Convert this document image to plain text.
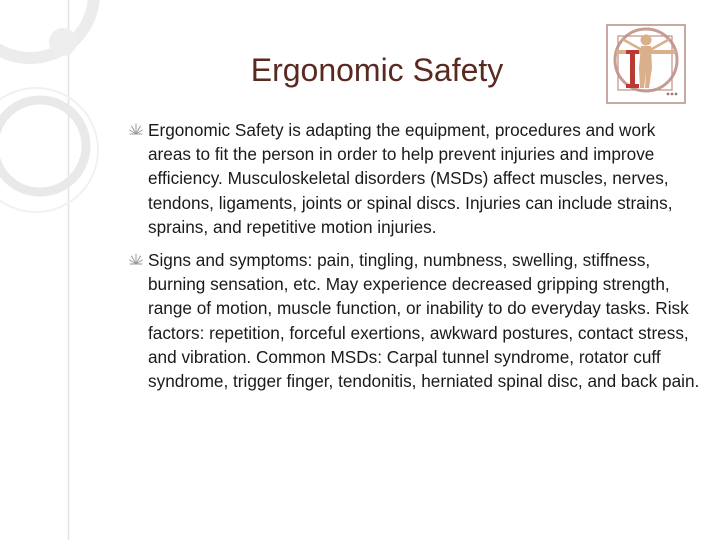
Ergonomic Safety
Ergonomic Safety is adapting the equipment, procedures and work areas to fit the person in order to help prevent injuries and improve efficiency. Musculoskeletal disorders (MSDs) affect muscles, nerves, tendons, ligaments, joints or spinal discs. Injuries can include strains, sprains, and repetitive motion injuries.
Signs and symptoms: pain, tingling, numbness, swelling, stiffness, burning sensation, etc. May experience decreased gripping strength, range of motion, muscle function, or inability to do everyday tasks. Risk factors: repetition, forceful exertions, awkward postures, contact stress, and vibration. Common MSDs: Carpal tunnel syndrome, rotator cuff syndrome, trigger finger, tendonitis, herniated spinal disc, and back pain.
